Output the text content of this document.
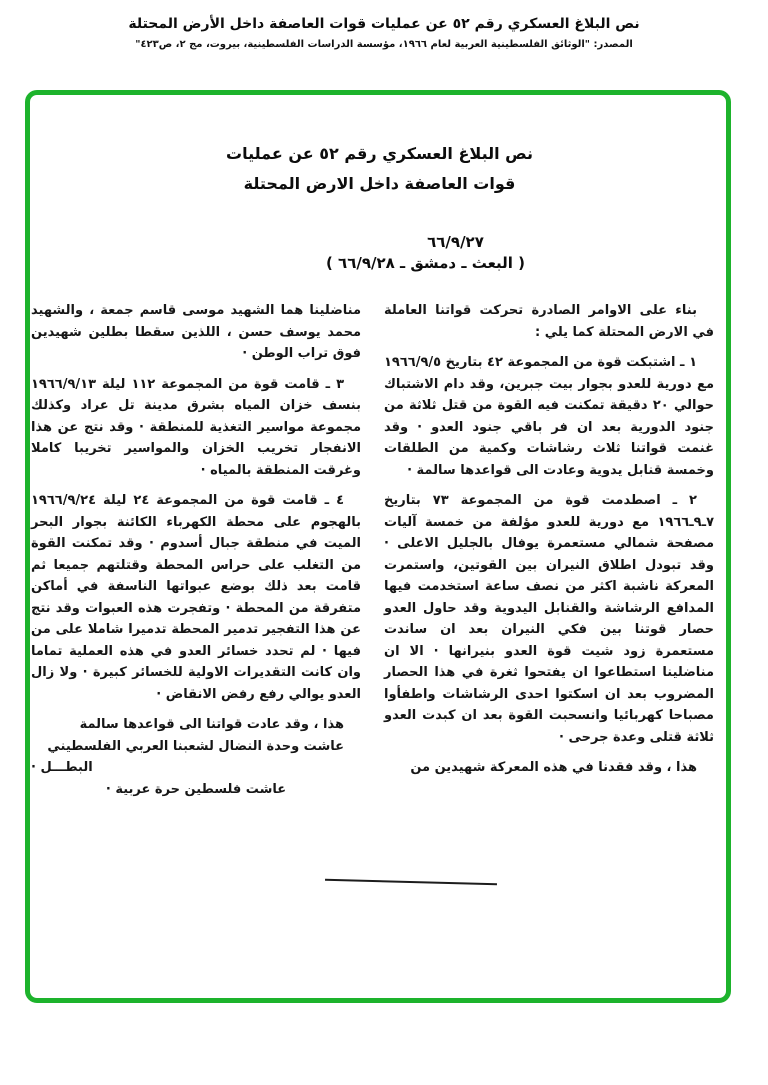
نص البلاغ العسكري رقم ٥٢ عن عمليات قوات العاصفة داخل الأرض المحتلة
المصدر: "الوثائق الفلسطينية العربية لعام ١٩٦٦، مؤسسة الدراسات الفلسطينية، بيروت، مج ٢، ص٤٢٣"
نص البلاغ العسكري رقم ٥٢ عن عمليات
قوات العاصفة داخل الارض المحتلة
٦٦/٩/٢٧
( البعث ـ دمشق ـ ٦٦/٩/٢٨ )

بناء على الاوامر الصادرة تحركت قواتنا العاملة في الارض المحتلة كما يلي :

١ ـ اشتبكت قوة من المجموعة ٤٢ بتاريخ ١٩٦٦/٩/٥ مع دورية للعدو بجوار بيت جبرين، وقد دام الاشتباك حوالي ٢٠ دقيقة تمكنت فيه القوة من قتل ثلاثة من جنود الدورية بعد ان فر باقي جنود العدو · وقد غنمت قواتنا ثلاث رشاشات وكمية من الطلقات وخمسة قنابل يدوية وعادت الى قواعدها سالمة ·

٢ ـ اصطدمت قوة من المجموعة ٧٣ بتاريخ ٧ـ٩ـ١٩٦٦ مع دورية للعدو مؤلفة من خمسة آليات مصفحة شمالي مستعمرة يوفال بالجليل الاعلى · وقد تبودل اطلاق النيران بين القوتين، واستمرت المعركة ناشبة اكثر من نصف ساعة استخدمت فيها المدافع الرشاشة والقنابل اليدوية وقد حاول العدو حصار قوتنا بين فكي النيران بعد ان ساندت مستعمرة زود شيت قوة العدو بنيرانها · الا ان مناضلينا استطاعوا ان يفتحوا ثغرة في هذا الحصار المضروب بعد ان اسكتوا احدى الرشاشات واطفأوا مصباحا كهربائيا وانسحبت القوة بعد ان كبدت العدو ثلاثة قتلى وعدة جرحى ·

هذا ، وقد فقدنا في هذه المعركة شهيدين من

مناضلينا هما الشهيد موسى قاسم جمعة ، والشهيد محمد يوسف حسن ، اللذين سقطا بطلين شهيدين فوق تراب الوطن ·

٣ ـ قامت قوة من المجموعة ١١٢ ليلة ١٩٦٦/٩/١٣ بنسف خزان المياه بشرق مدينة تل عراد وكذلك مجموعة مواسير التغذية للمنطقة · وقد نتج عن هذا الانفجار تخريب الخزان والمواسير تخريبا كاملا وغرقت المنطقة بالمياه ·

٤ ـ قامت قوة من المجموعة ٢٤ ليلة ١٩٦٦/٩/٢٤ بالهجوم على محطة الكهرباء الكائنة بجوار البحر الميت في منطقة جبال أسدوم · وقد تمكنت القوة من التغلب على حراس المحطة وقتلتهم جميعا ثم قامت بعد ذلك بوضع عبواتها الناسفة في أماكن متفرقة من المحطة · وتفجرت هذه العبوات وقد نتج عن هذا التفجير تدمير المحطة تدميرا شاملا على من فيها · لم تحدد خسائر العدو في هذه العملية تماما وان كانت التقديرات الاولية للخسائر كبيرة · ولا زال العدو يوالي رفع رفض الانقاض ·

هذا ، وقد عادت قواتنا الى قواعدها سالمة

عاشت وحدة النضال لشعبنا العربي الفلسطيني

البطـــل ·

عاشت فلسطين حرة عربية ·
